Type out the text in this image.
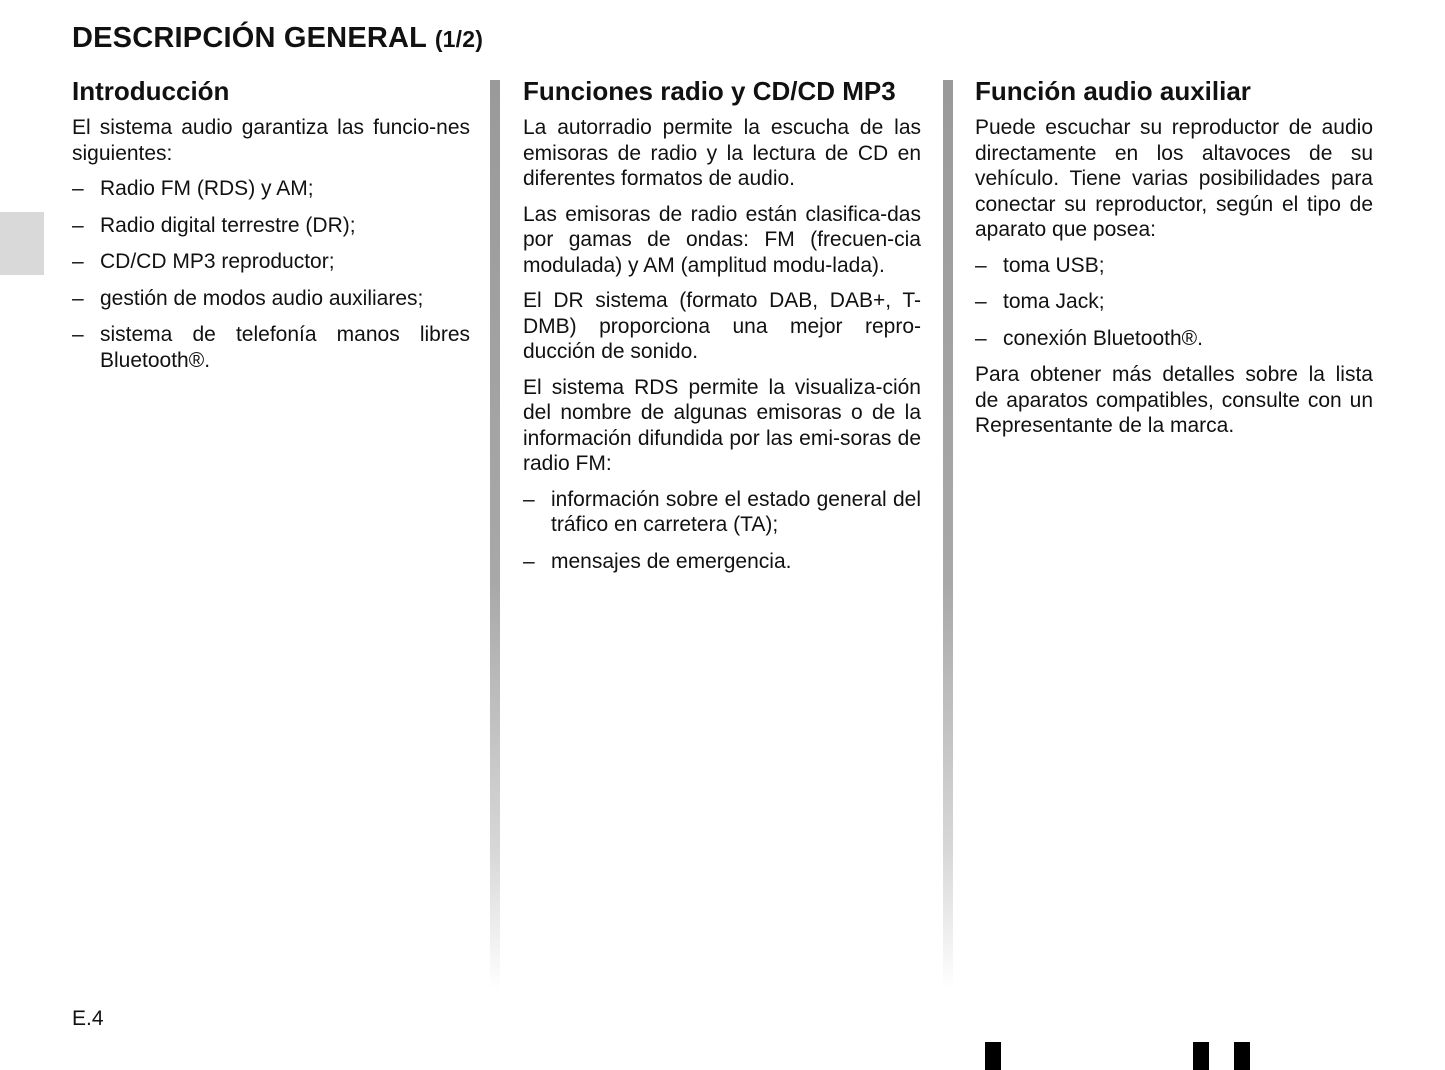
DESCRIPCIÓN GENERAL (1/2)
Introducción

El sistema audio garantiza las funcio-nes siguientes:

– Radio FM (RDS) y AM;
– Radio digital terrestre (DR);
– CD/CD MP3 reproductor;
– gestión de modos audio auxiliares;
– sistema de telefonía manos libres Bluetooth®.
Funciones radio y CD/CD MP3

La autorradio permite la escucha de las emisoras de radio y la lectura de CD en diferentes formatos de audio.

Las emisoras de radio están clasifica-das por gamas de ondas: FM (frecuen-cia modulada) y AM (amplitud modu-lada).

El DR sistema (formato DAB, DAB+, T-DMB) proporciona una mejor repro-ducción de sonido.

El sistema RDS permite la visualiza-ción del nombre de algunas emisoras o de la información difundida por las emi-soras de radio FM:

– información sobre el estado general del tráfico en carretera (TA);
– mensajes de emergencia.
Función audio auxiliar

Puede escuchar su reproductor de audio directamente en los altavoces de su vehículo. Tiene varias posibilidades para conectar su reproductor, según el tipo de aparato que posea:

– toma USB;
– toma Jack;
– conexión Bluetooth®.

Para obtener más detalles sobre la lista de aparatos compatibles, consulte con un Representante de la marca.

E.4
